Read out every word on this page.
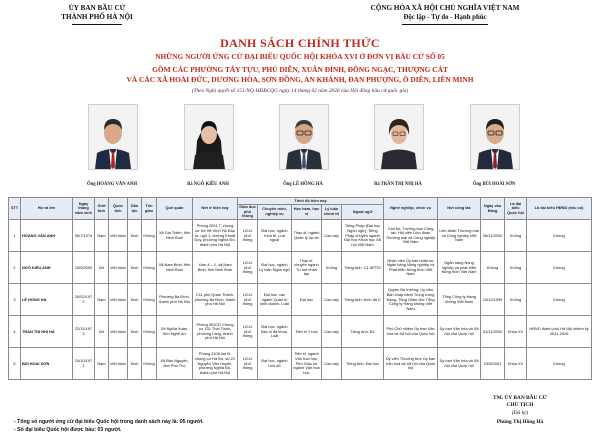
ỦY BAN BẦU CỬ
THÀNH PHỐ HÀ NỘI
CỘNG HÒA XÃ HỘI CHỦ NGHĨA VIỆT NAM
Độc lập - Tự do - Hạnh phúc
DANH SÁCH CHÍNH THỨC
NHỮNG NGƯỜI ỨNG CỬ ĐẠI BIỂU QUỐC HỘI KHÓA XVI Ở ĐƠN VỊ BẦU CỬ SỐ 05
GỒM CÁC PHƯỜNG TÂY TỰU, PHÚ DIỄN, XUÂN ĐỈNH, ĐÔNG NGẠC, THƯỢNG CÁT
VÀ CÁC XÃ HOÀI ĐỨC, DƯƠNG HÒA, SƠN ĐỒNG, AN KHÁNH, ĐAN PHƯỢNG, Ô DIÊN, LIÊN MINH
(Theo Nghị quyết số 151/NQ-HĐBCQG ngày 14 tháng 02 năm 2026 của Hội đồng bầu cử quốc gia)
Ông HOÀNG VĂN ANH	Bà NGÔ KIỀU ANH	Ông LÊ HỒNG HÀ	Bà TRẦN THỊ NHỊ HÀ	Ông BÙI HOÀI SƠN
STT	Họ và tên	Ngày tháng năm sinh	Giới tính	Quốc tịch	Dân tộc	Tôn giáo	Quê quán	Nơi ở hiện nay	Trình độ hiện nay					Nghề nghiệp, chức vụ	Nơi công tác	Ngày vào Đảng	Là đại biểu Quốc hội	Là đại biểu HĐND (nếu có)
									Giáo dục phổ thông	Chuyên môn, nghiệp vụ	Học hàm, học vị	Lý luận chính trị	Ngoại ngữ					
1	HOÀNG VĂN ANH	06/7/1974	Nam	Việt Nam	Kinh	Không	Xã Gia Thiên, tỉnh Ninh Bình	Phòng 2001 T, chung cư Kế Hệ Vĩnh Hà Đầu tư, ngõ 1, đường Khuất Duy, phường Nghĩa Đô, thành phố Hà Nội	12/12 phổ thông	Đại học, ngành Kinh tế, Lúa ngoại	Thạc sĩ, ngành Quản lý dự án	Cao cấp	Tiếng Pháp (Đại học Ngôn ngữ), Tiếng Pháp chuyên ngành Đại học Khoa học Xã hội Việt Nam	Cán bộ, Trưởng ban Công tác, Hội viên Liên đoàn Thương mại và Công nghiệp Việt Nam	Liên đoàn Thương mại và Công nghiệp Việt Nam	06/11/2002	Không	Không
2	NGÔ KIỀU ANH	15/9/2000	Nữ	Việt Nam	Kinh	Không	Xã Nam Bình, tỉnh Ninh Bình	Xóm 4 – 1, xã Nam Bình, tỉnh Ninh Bình	12/12 phổ thông	Đại học, ngành Lý luận Ngôn ngữ	Thạc sĩ, chuyên ngành Trí tuệ nhân tạo	Không	Tiếng Anh: C1 APTIS	Nhân viên Ủy ban nhân sự Ngân hàng Nông nghiệp và Phát triển Nông thôn Việt Nam	Ngân hàng Nông nghiệp và phát triển Nông thôn Việt Nam	Không	Không	Không
3	LÊ HỒNG HÀ	20/02/1972	Nam	Việt Nam	Kinh	Không	Phường Ba Đình, thành phố Hà Nội	C11 phố Quán Thánh, phường Ba Đình, thành phố Hà Nội	12/12 phổ thông	Đại học, các ngành Quản trị kinh doanh, Luật	Đại học	Cao cấp	Tiếng Anh: trình độ C	Quyền Bộ trưởng; Ủy viên Ban chấp hành Trung ương Đảng; Tổng Giám đốc Tổng Công ty Hàng không Việt Nam	Tổng Công ty Hàng không Việt Nam	14/12/1999	Không	Không
4	TRẦN THỊ NHỊ HÀ	22/11/1973	Nữ	Việt Nam	Kinh	Không	Xã Nghĩa Xuân, tỉnh Nghệ An	Phòng 901CD Chung cư 131 Thái Thịnh, phường Láng, thành phố Hà Nội	12/12 phổ thông	Đại học, ngành Bác sĩ đa khoa, Luật	Tiến sĩ Y học	Cao cấp	Tiếng Anh: B1	Phó Chủ nhiệm Ủy ban Văn hóa và Xã hội của Quốc hội	Ủy ban Văn hóa và Xã hội của Quốc hội	01/11/2002	Khóa XV	HĐND thành phố Hà Nội nhiệm kỳ 2021-2026
5	BÙI HOÀI SƠN	24/10/1971	Nam	Việt Nam	Kinh	Không	Xã Bản Nguyên, tỉnh Phú Thọ	Phòng 2106 tòa B, chung cư Hà Đô, số 21 Nguyễn Văn Huyên, phường Nghĩa Đô, thành phố Hà Nội	12/12 phổ thông	Đại học, ngành Lịch sử	Tiến sĩ, ngành Văn hóa học, Phó Giáo sư ngành Văn hóa học	Cao cấp	Tiếng Anh: Đại học	Ủy viên Thường trực Ủy ban Văn hóa và Xã hội của Quốc hội	Ủy ban Văn hóa và Xã hội của Quốc hội	23/5/2001	Khóa XV	Không
- Tổng số người ứng cử đại biểu Quốc hội trong danh sách này là: 05 người.
- Số đại biểu Quốc hội được bầu: 03 người.
TM. ỦY BAN BẦU CỬ
CHỦ TỊCH
(Đã ký)
Phùng Thị Hồng Hà
